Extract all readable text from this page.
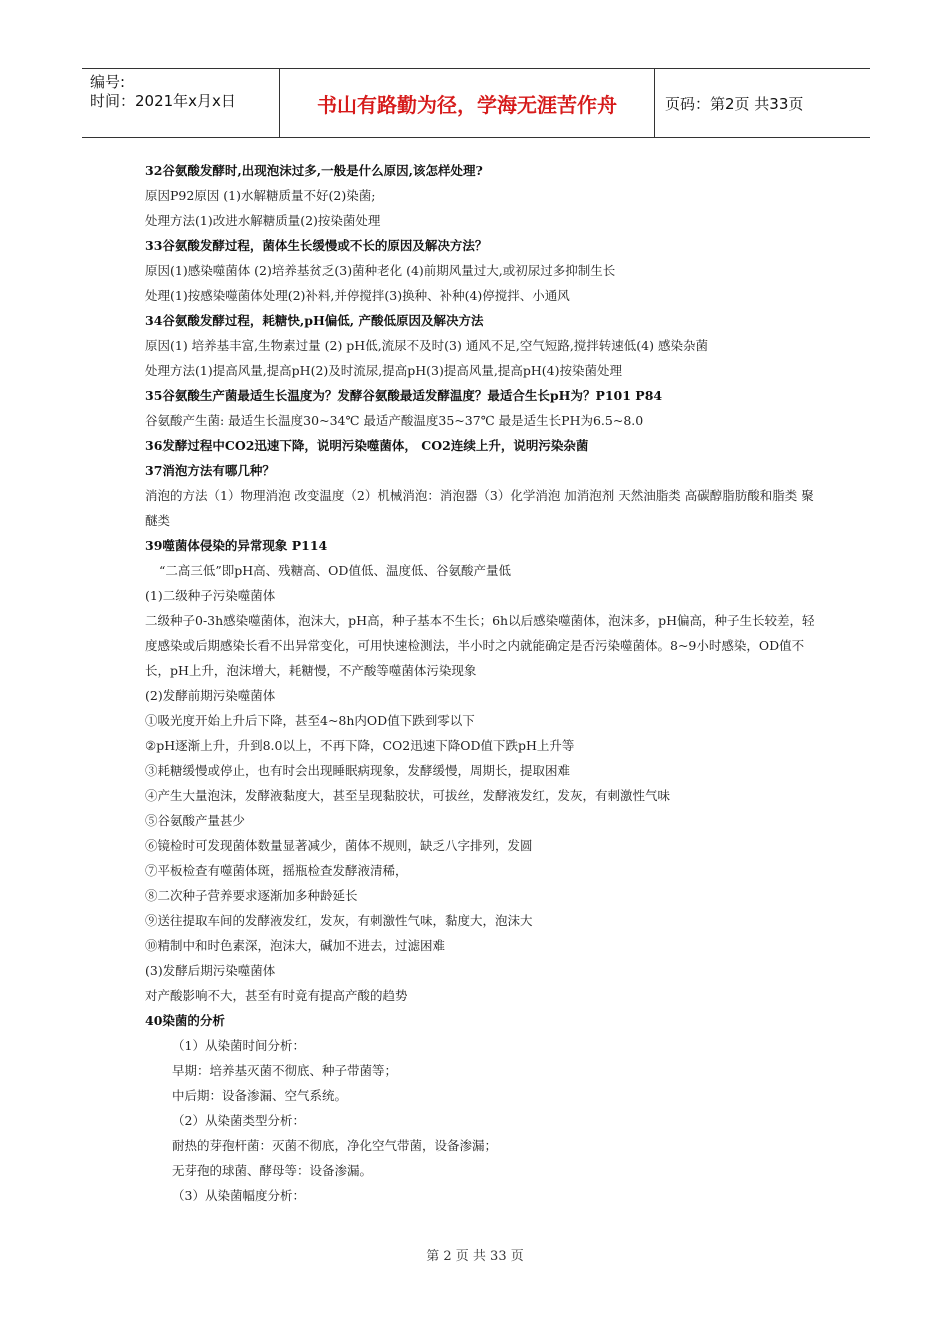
编号:
时间：2021年x月x日	书山有路勤为径，学海无涯苦作舟	页码：第2页 共33页
32谷氨酸发酵时,出现泡沫过多,一般是什么原因,该怎样处理?
原因P92原因 (1)水解糖质量不好(2)染菌;
处理方法(1)改进水解糖质量(2)按染菌处理
33谷氨酸发酵过程，菌体生长缓慢或不长的原因及解决方法？
原因(1)感染噬菌体 (2)培养基贫乏(3)菌种老化 (4)前期风量过大,或初尿过多抑制生长
处理(1)按感染噬菌体处理(2)补料,并停搅拌(3)换种、补种(4)停搅拌、小通风
34谷氨酸发酵过程，耗糖快,pH偏低, 产酸低原因及解决方法
原因(1) 培养基丰富,生物素过量 (2) pH低,流尿不及时(3) 通风不足,空气短路,搅拌转速低(4) 感染杂菌
处理方法(1)提高风量,提高pH(2)及时流尿,提高pH(3)提高风量,提高pH(4)按染菌处理
35谷氨酸生产菌最适生长温度为？发酵谷氨酸最适发酵温度？最适合生长pH为？P101 P84
谷氨酸产生菌: 最适生长温度30~34℃ 最适产酸温度35~37℃ 最是适生长PH为6.5~8.0
36发酵过程中CO2迅速下降，说明污染噬菌体， CO2连续上升，说明污染杂菌
37消泡方法有哪几种？
消泡的方法（1）物理消泡 改变温度（2）机械消泡：消泡器（3）化学消泡 加消泡剂 天然油脂类 高碳醇脂肪酸和脂类 聚醚类
39噬菌体侵染的异常现象 P114
“二高三低”即pH高、残糖高、OD值低、温度低、谷氨酸产量低
(1)二级种子污染噬菌体
二级种子0-3h感染噬菌体，泡沫大，pH高，种子基本不生长；6h以后感染噬菌体，泡沫多，pH偏高，种子生长较差，轻度感染或后期感染长看不出异常变化，可用快速检测法，半小时之内就能确定是否污染噬菌体。8~9小时感染，OD值不长，pH上升，泡沫增大，耗糖慢，不产酸等噬菌体污染现象
(2)发酵前期污染噬菌体
①吸光度开始上升后下降，甚至4~8h内OD值下跌到零以下
②pH逐渐上升，升到8.0以上，不再下降，CO2迅速下降OD值下跌pH上升等
③耗糖缓慢或停止，也有时会出现睡眠病现象，发酵缓慢，周期长，提取困难
④产生大量泡沫，发酵液黏度大，甚至呈现黏胶状，可拔丝，发酵液发红，发灰，有刺激性气味
⑤谷氨酸产量甚少
⑥镜检时可发现菌体数量显著减少，菌体不规则，缺乏八字排列，发圆
⑦平板检查有噬菌体斑，摇瓶检查发酵液清稀，
⑧二次种子营养要求逐渐加多种龄延长
⑨送往提取车间的发酵液发红，发灰，有刺激性气味，黏度大，泡沫大
⑩精制中和时色素深，泡沫大，碱加不进去，过滤困难
(3)发酵后期污染噬菌体
对产酸影响不大，甚至有时竟有提高产酸的趋势
40染菌的分析
（1）从染菌时间分析：
早期：培养基灭菌不彻底、种子带菌等；
中后期：设备渗漏、空气系统。
（2）从染菌类型分析：
耐热的芽孢杆菌：灭菌不彻底，净化空气带菌，设备渗漏；
无芽孢的球菌、酵母等：设备渗漏。
（3）从染菌幅度分析：
第 2 页 共 33 页
